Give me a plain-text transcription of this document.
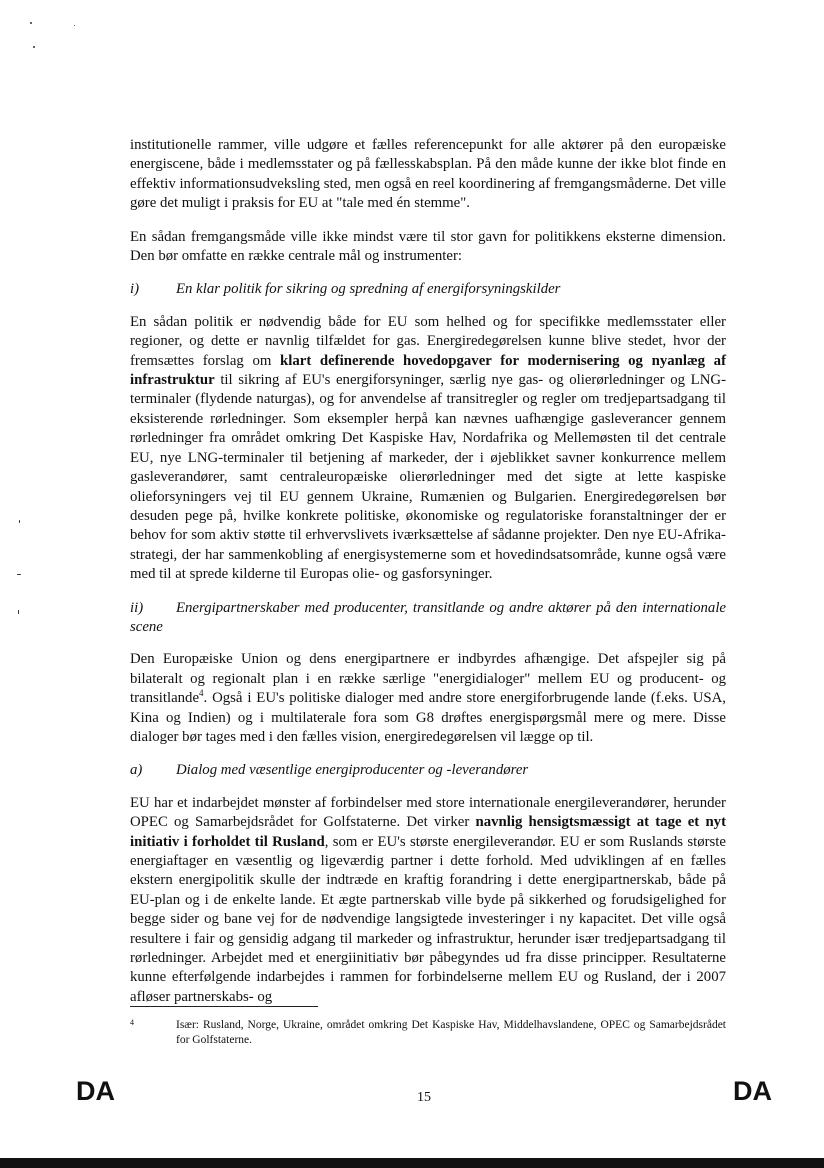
institutionelle rammer, ville udgøre et fælles referencepunkt for alle aktører på den europæiske energiscene, både i medlemsstater og på fællesskabsplan. På den måde kunne der ikke blot finde en effektiv informationsudveksling sted, men også en reel koordinering af fremgangsmåderne. Det ville gøre det muligt i praksis for EU at "tale med én stemme".

En sådan fremgangsmåde ville ikke mindst være til stor gavn for politikkens eksterne dimension. Den bør omfatte en række centrale mål og instrumenter:

i)	En klar politik for sikring og spredning af energiforsyningskilder

En sådan politik er nødvendig både for EU som helhed og for specifikke medlemsstater eller regioner, og dette er navnlig tilfældet for gas. Energiredegørelsen kunne blive stedet, hvor der fremsættes forslag om klart definerende hovedopgaver for modernisering og nyanlæg af infrastruktur til sikring af EU's energiforsyninger, særlig nye gas- og olierørledninger og LNG-terminaler (flydende naturgas), og for anvendelse af transitregler og regler om tredjepartsadgang til eksisterende rørledninger. Som eksempler herpå kan nævnes uafhængige gasleverancer gennem rørledninger fra området omkring Det Kaspiske Hav, Nordafrika og Mellemøsten til det centrale EU, nye LNG-terminaler til betjening af markeder, der i øjeblikket savner konkurrence mellem gasleverandører, samt centraleuropæiske olierørledninger med det sigte at lette kaspiske olieforsyningers vej til EU gennem Ukraine, Rumænien og Bulgarien. Energiredegørelsen bør desuden pege på, hvilke konkrete politiske, økonomiske og regulatoriske foranstaltninger der er behov for som aktiv støtte til erhvervslivets iværksættelse af sådanne projekter. Den nye EU-Afrika-strategi, der har sammenkobling af energisystemerne som et hovedindsatsområde, kunne også være med til at sprede kilderne til Europas olie- og gasforsyninger.

ii) Energipartnerskaber med producenter, transitlande og andre aktører på den internationale scene

Den Europæiske Union og dens energipartnere er indbyrdes afhængige. Det afspejler sig på bilateralt og regionalt plan i en række særlige "energidialoger" mellem EU og producent- og transitlande$^4$. Også i EU's politiske dialoger med andre store energiforbrugende lande (f.eks. USA, Kina og Indien) og i multilaterale fora som G8 drøftes energispørgsmål mere og mere. Disse dialoger bør tages med i den fælles vision, energiredegørelsen vil lægge op til.

a)	Dialog med væsentlige energiproducenter og -leverandører

EU har et indarbejdet mønster af forbindelser med store internationale energileverandører, herunder OPEC og Samarbejdsrådet for Golfstaterne. Det virker navnlig hensigtsmæssigt at tage et nyt initiativ i forholdet til Rusland, som er EU's største energileverandør. EU er som Ruslands største energiaftager en væsentlig og ligeværdig partner i dette forhold. Med udviklingen af en fælles ekstern energipolitik skulle der indtræde en kraftig forandring i dette energipartnerskab, både på EU-plan og i de enkelte lande. Et ægte partnerskab ville byde på sikkerhed og forudsigelighed for begge sider og bane vej for de nødvendige langsigtede investeringer i ny kapacitet. Det ville også resultere i fair og gensidig adgang til markeder og infrastruktur, herunder især tredjepartsadgang til rørledninger. Arbejdet med et energiinitiativ bør påbegyndes ud fra disse principper. Resultaterne kunne efterfølgende indarbejdes i rammen for forbindelserne mellem EU og Rusland, der i 2007 afløser partnerskabs- og

4	Især: Rusland, Norge, Ukraine, området omkring Det Kaspiske Hav, Middelhavslandene, OPEC og Samarbejdsrådet for Golfstaterne.
DA	15	DA
